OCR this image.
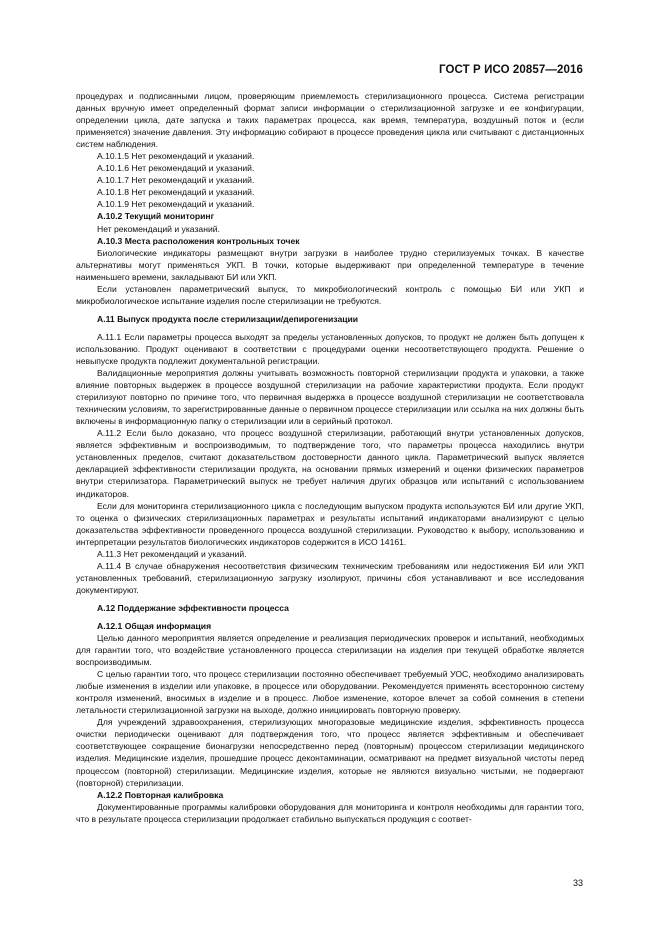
ГОСТ Р ИСО 20857—2016

процедурах и подписанными лицом, проверяющим приемлемость стерилизационного процесса. Система регистрации данных вручную имеет определенный формат записи информации о стерилизационной загрузке и ее конфигурации, определении цикла, дате запуска и таких параметрах процесса, как время, температура, воздушный поток и (если применяется) значение давления. Эту информацию собирают в процессе проведения цикла или считывают с дистанционных систем наблюдения.

А.10.1.5 Нет рекомендаций и указаний.

А.10.1.6 Нет рекомендаций и указаний.

А.10.1.7 Нет рекомендаций и указаний.

А.10.1.8 Нет рекомендаций и указаний.

А.10.1.9 Нет рекомендаций и указаний.

А.10.2 Текущий мониторинг

Нет рекомендаций и указаний.

А.10.3 Места расположения контрольных точек

Биологические индикаторы размещают внутри загрузки в наиболее трудно стерилизуемых точках. В качестве альтернативы могут применяться УКП. В точки, которые выдерживают при определенной температуре в течение наименьшего времени, закладывают БИ или УКП.

Если установлен параметрический выпуск, то микробиологический контроль с помощью БИ или УКП и микробиологическое испытание изделия после стерилизации не требуются.

А.11 Выпуск продукта после стерилизации/депирогенизации

А.11.1 Если параметры процесса выходят за пределы установленных допусков, то продукт не должен быть допущен к использованию. Продукт оценивают в соответствии с процедурами оценки несоответствующего продукта. Решение о невыпуске продукта подлежит документальной регистрации.

Валидационные мероприятия должны учитывать возможность повторной стерилизации продукта и упаковки, а также влияние повторных выдержек в процессе воздушной стерилизации на рабочие характеристики продукта. Если продукт стерилизуют повторно по причине того, что первичная выдержка в процессе воздушной стерилизации не соответствовала техническим условиям, то зарегистрированные данные о первичном процессе стерилизации или ссылка на них должны быть включены в информационную папку о стерилизации или в серийный протокол.

А.11.2 Если было доказано, что процесс воздушной стерилизации, работающий внутри установленных допусков, является эффективным и воспроизводимым, то подтверждение того, что параметры процесса находились внутри установленных пределов, считают доказательством достоверности данного цикла. Параметрический выпуск является декларацией эффективности стерилизации продукта, на основании прямых измерений и оценки физических параметров внутри стерилизатора. Параметрический выпуск не требует наличия других образцов или испытаний с использованием индикаторов.

Если для мониторинга стерилизационного цикла с последующим выпуском продукта используются БИ или другие УКП, то оценка о физических стерилизационных параметрах и результаты испытаний индикаторами анализируют с целью доказательства эффективности проведенного процесса воздушной стерилизации. Руководство к выбору, использованию и интерпретации результатов биологических индикаторов содержится в ИСО 14161.

А.11.3 Нет рекомендаций и указаний.

А.11.4 В случае обнаружения несоответствия физическим техническим требованиям или недостижения БИ или УКП установленных требований, стерилизационную загрузку изолируют, причины сбоя устанавливают и все исследования документируют.

А.12 Поддержание эффективности процесса

А.12.1 Общая информация

Целью данного мероприятия является определение и реализация периодических проверок и испытаний, необходимых для гарантии того, что воздействие установленного процесса стерилизации на изделия при текущей обработке является воспроизводимым.

С целью гарантии того, что процесс стерилизации постоянно обеспечивает требуемый УОС, необходимо анализировать любые изменения в изделии или упаковке, в процессе или оборудовании. Рекомендуется применять всесторонною систему контроля изменений, вносимых в изделие и в процесс. Любое изменение, которое влечет за собой сомнения в степени летальности стерилизационной загрузки на выходе, должно инициировать повторную проверку.

Для учреждений здравоохранения, стерилизующих многоразовые медицинские изделия, эффективность процесса очистки периодически оценивают для подтверждения того, что процесс является эффективным и обеспечивает соответствующее сокращение бионагрузки непосредственно перед (повторным) процессом стерилизации медицинского изделия. Медицинские изделия, прошедшие процесс деконтаминации, осматривают на предмет визуальной чистоты перед процессом (повторной) стерилизации. Медицинские изделия, которые не являются визуально чистыми, не подвергают (повторной) стерилизации.

А.12.2 Повторная калибровка

Документированные программы калибровки оборудования для мониторинга и контроля необходимы для гарантии того, что в результате процесса стерилизации продолжает стабильно выпускаться продукция с соответ-

33
